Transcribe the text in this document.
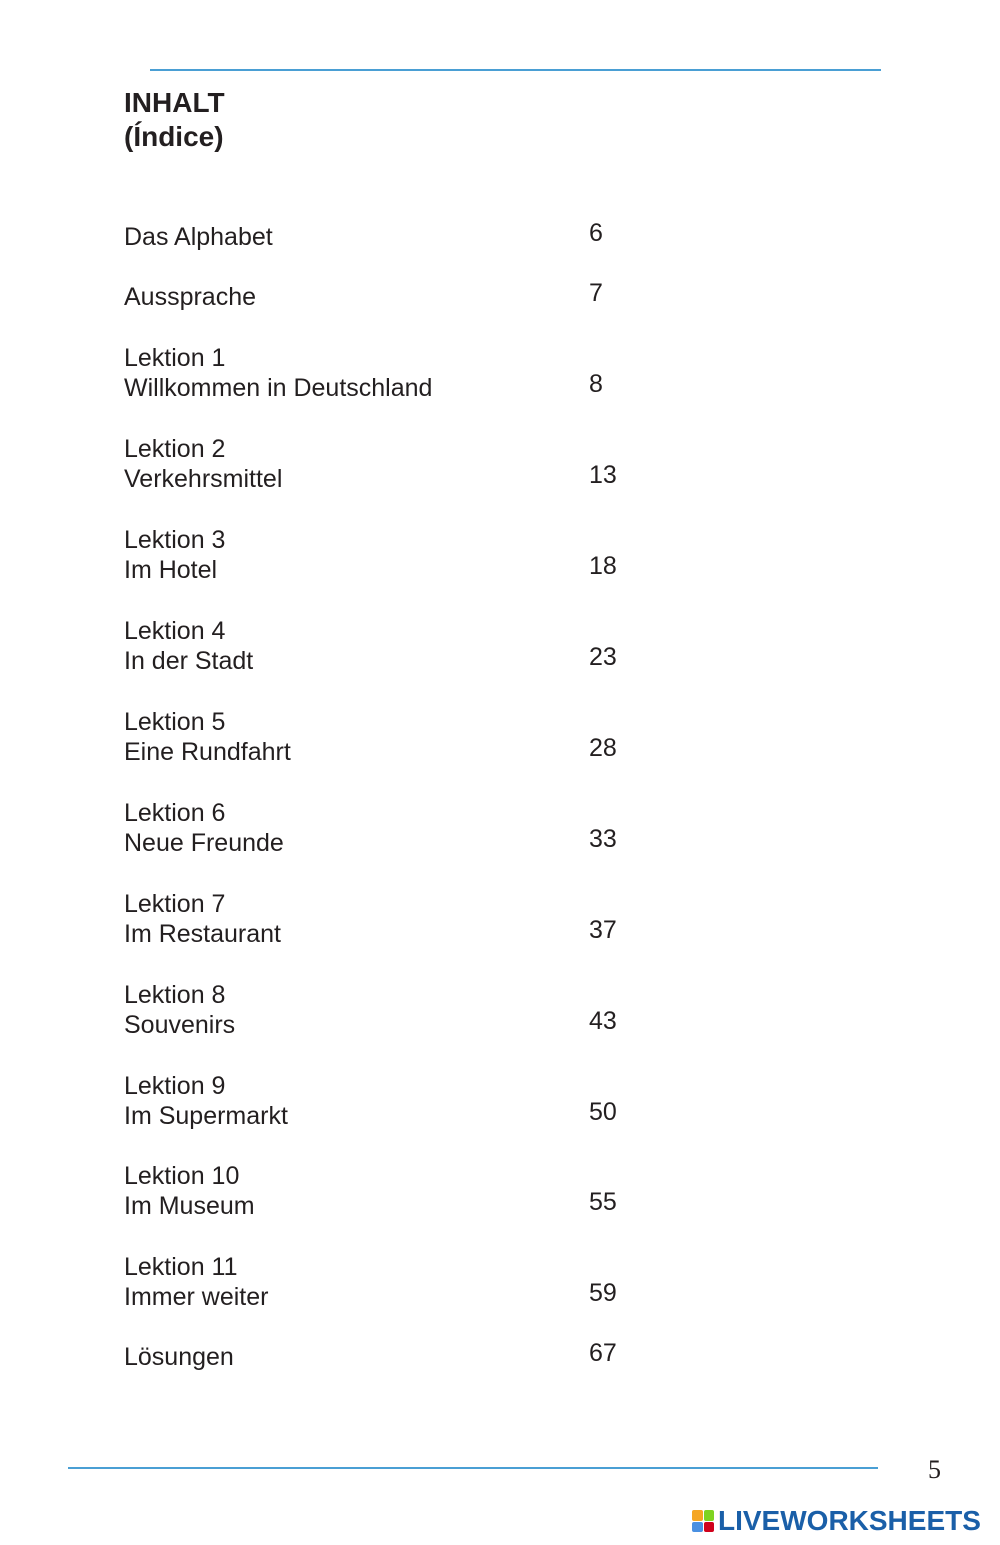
INHALT
(Índice)
Das Alphabet	6
Aussprache	7
Lektion 1
Willkommen in Deutschland	8
Lektion 2
Verkehrsmittel	13
Lektion 3
Im Hotel	18
Lektion 4
In der Stadt	23
Lektion 5
Eine Rundfahrt	28
Lektion 6
Neue Freunde	33
Lektion 7
Im Restaurant	37
Lektion 8
Souvenirs	43
Lektion 9
Im Supermarkt	50
Lektion 10
Im Museum	55
Lektion 11
Immer weiter	59
Lösungen	67
5
LIVEWORKSHEETS
